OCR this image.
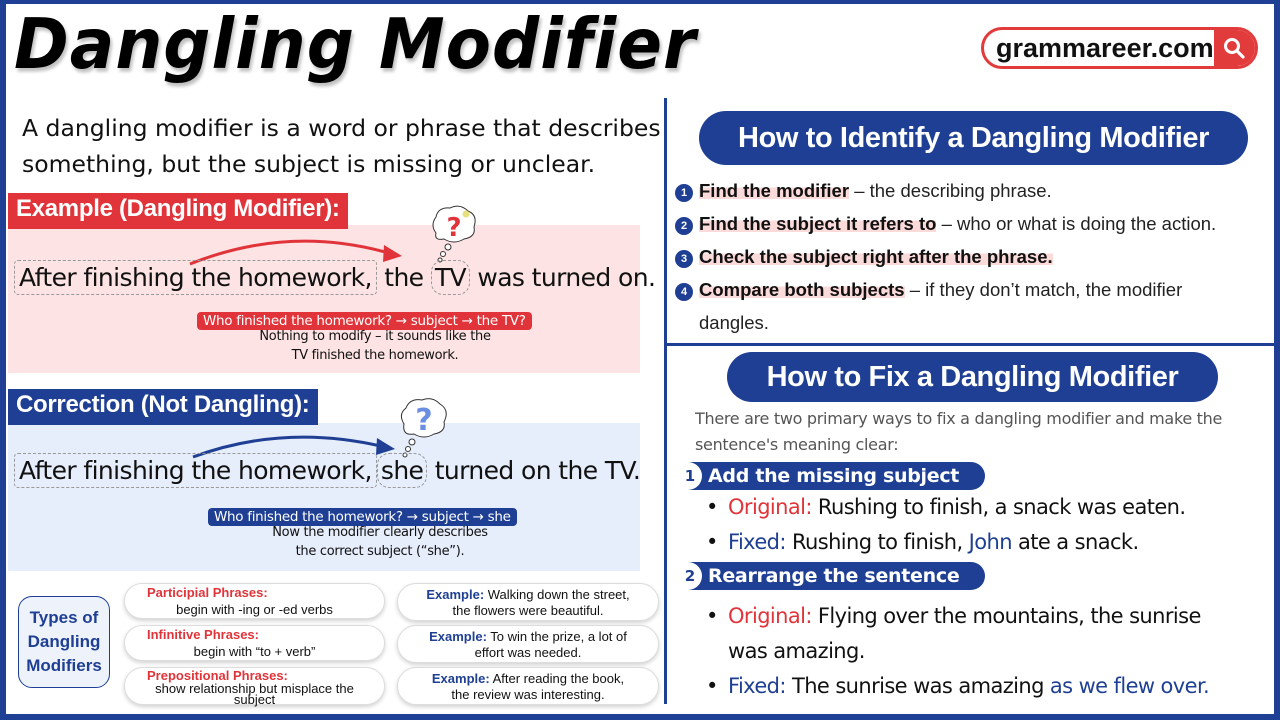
Dangling Modifier	grammareer.com

A dangling modifier is a word or phrase that describes something, but the subject is missing or unclear.

Example (Dangling Modifier):
?
After finishing the homework, the TV was turned on.
Who finished the homework? → subject → the TV?
Nothing to modify – it sounds like the
TV finished the homework.
Correction (Not Dangling):	?
After finishing the homework, she turned on the TV.
Who finished the homework? → subject → she
Now the modifier clearly describes
the correct subject (“she”).
Types of
Dangling
Modifiers
Participial Phrases:
begin with -ing or -ed verbs
Infinitive Phrases:
begin with “to + verb”
Prepositional Phrases:
show relationship but misplace the
subject
Example: Walking down the street,
the flowers were beautiful.
Example: To win the prize, a lot of
effort was needed.
Example: After reading the book,
the review was interesting.
How to Identify a Dangling Modifier
1 Find the modifier – the describing phrase.
2 Find the subject it refers to – who or what is doing the action.
3 Check the subject right after the phrase.
4 Compare both subjects – if they don’t match, the modifier
dangles.
How to Fix a Dangling Modifier

There are two primary ways to fix a dangling modifier and make the sentence's meaning clear:

Add the missing subject
1
• Original: Rushing to finish, a snack was eaten.
• Fixed: Rushing to finish, John ate a snack.
Rearrange the sentence
2
• Original: Flying over the mountains, the sunrise
was amazing.
• Fixed: The sunrise was amazing as we flew over.
